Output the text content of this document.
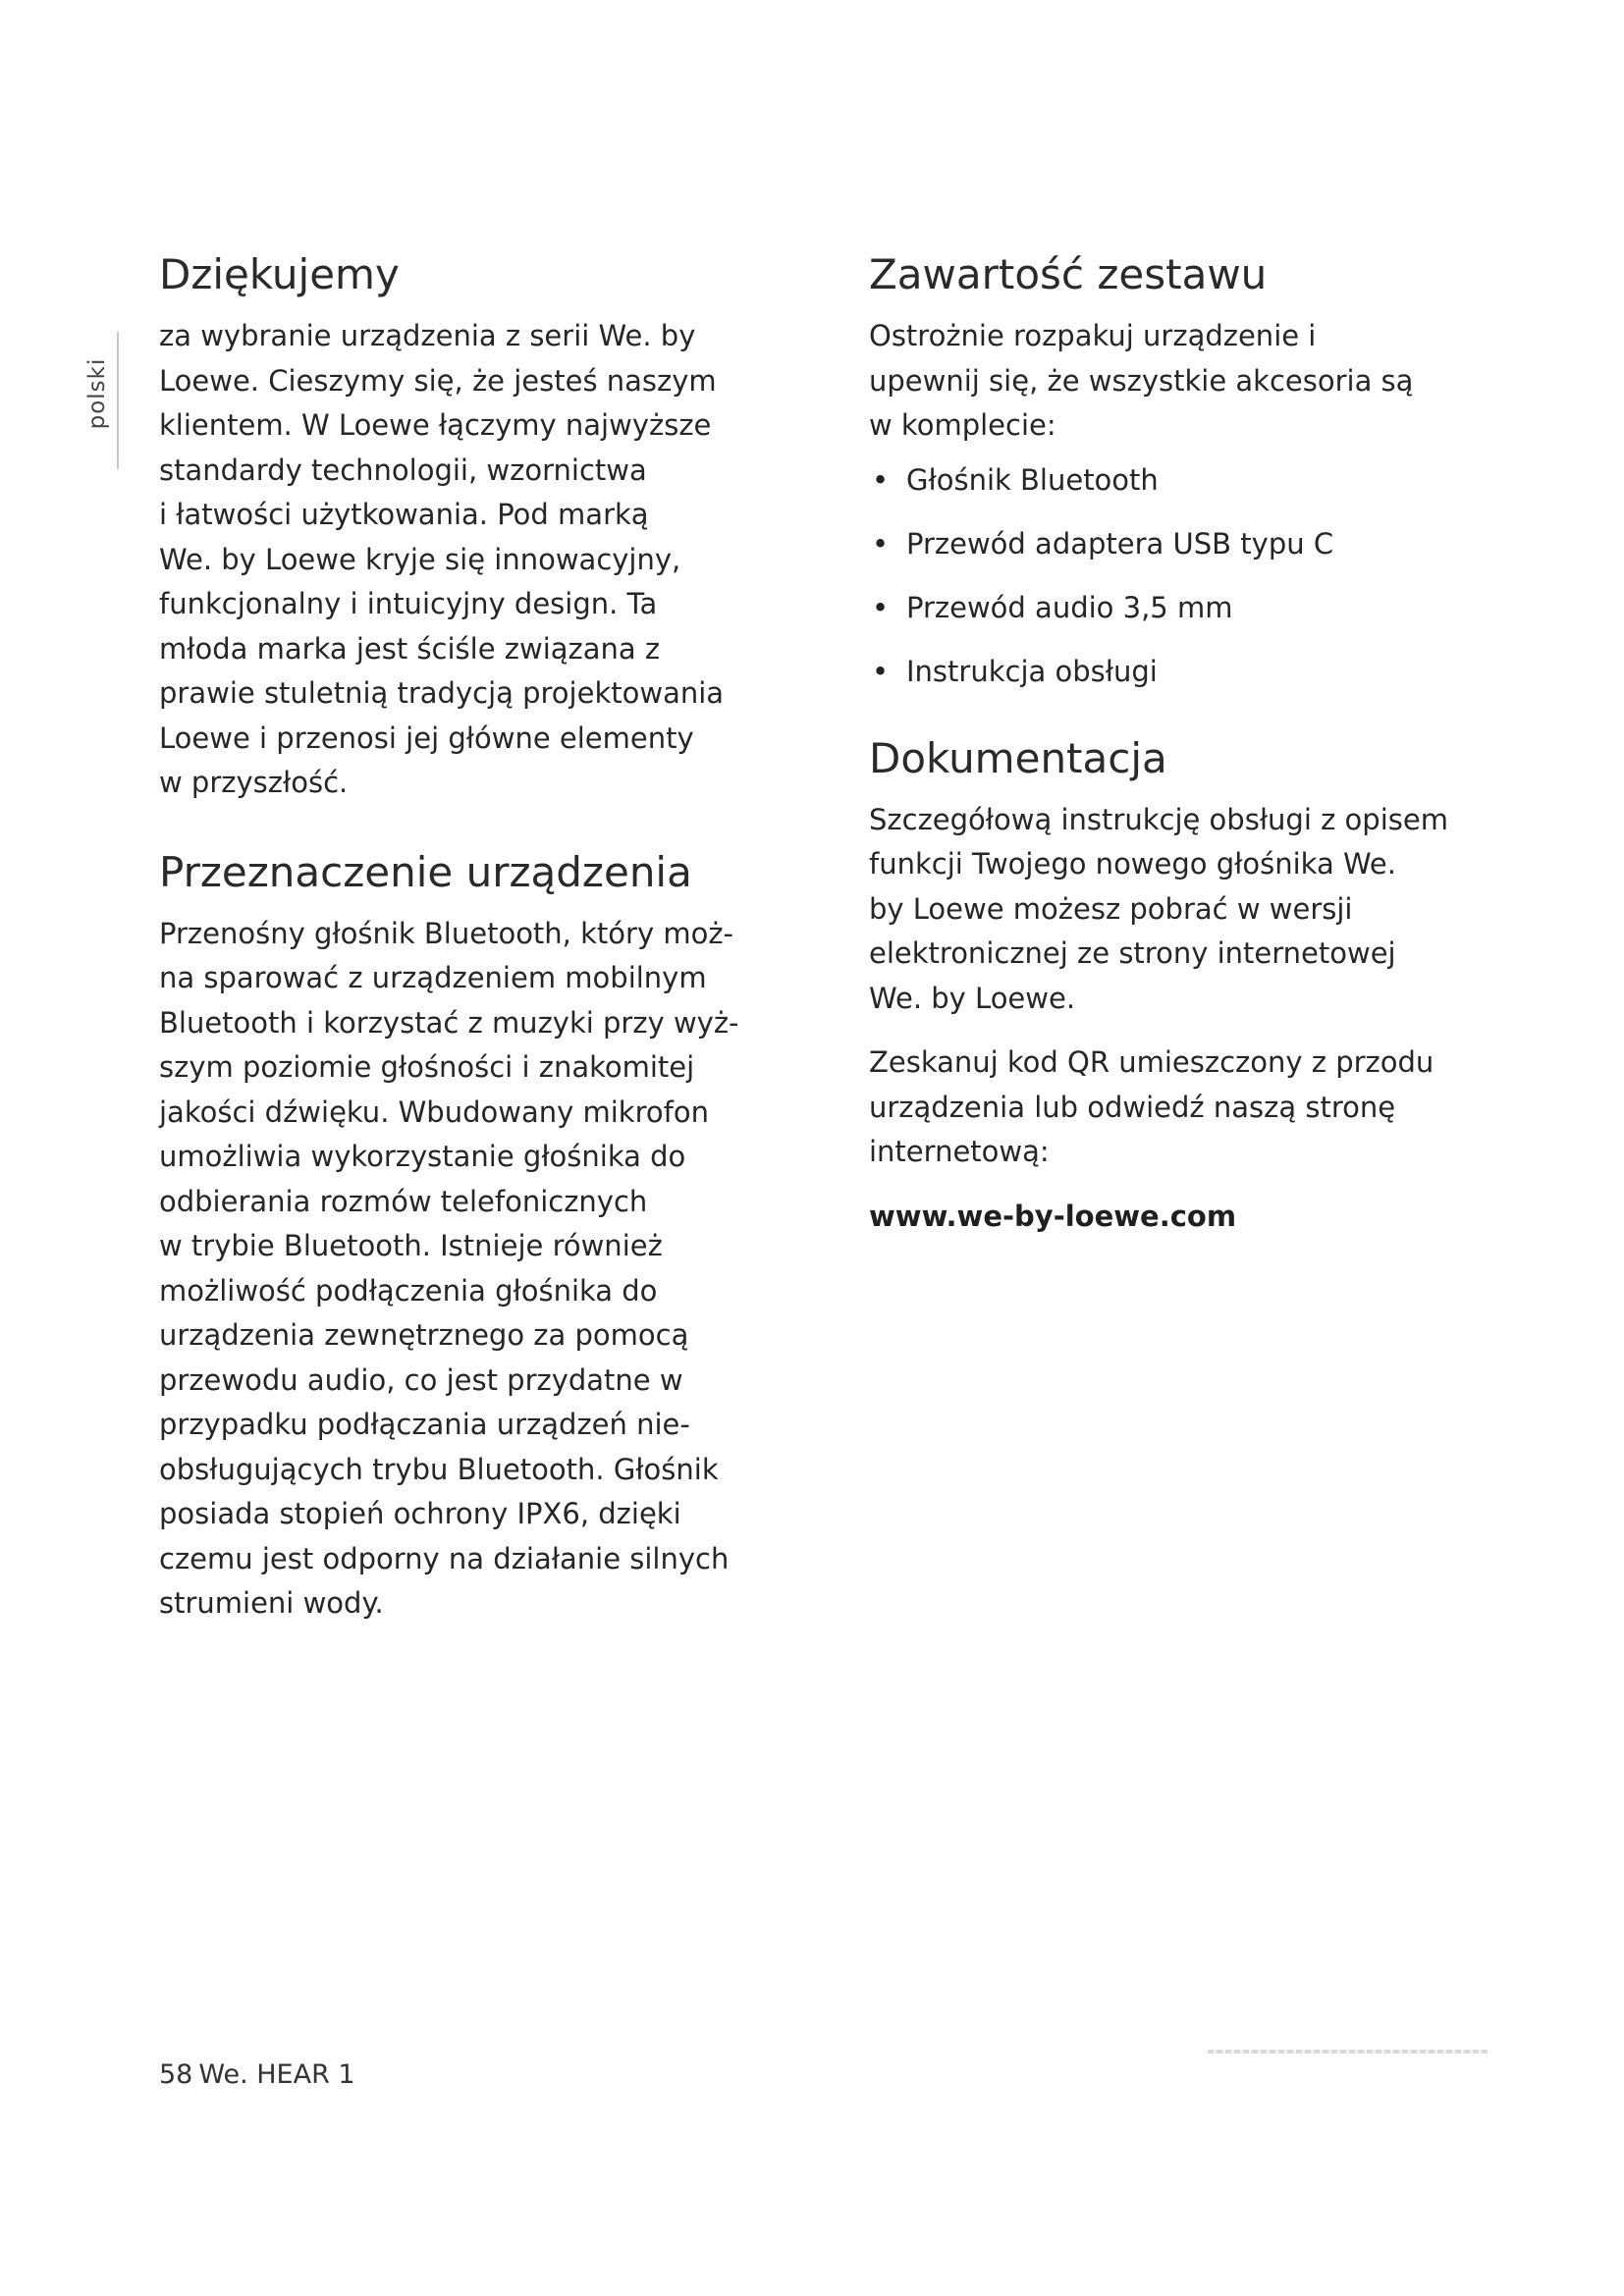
polski
Dziękujemy

za wybranie urządzenia z serii We. by
Loewe. Cieszymy się, że jesteś naszym
klientem. W Loewe łączymy najwyższe
standardy technologii, wzornictwa
i łatwości użytkowania. Pod marką
We. by Loewe kryje się innowacyjny,
funkcjonalny i intuicyjny design. Ta
młoda marka jest ściśle związana z
prawie stuletnią tradycją projektowania
Loewe i przenosi jej główne elementy
w przyszłość.

Przeznaczenie urządzenia

Przenośny głośnik Bluetooth, który moż-
na sparować z urządzeniem mobilnym
Bluetooth i korzystać z muzyki przy wyż-
szym poziomie głośności i znakomitej
jakości dźwięku. Wbudowany mikrofon
umożliwia wykorzystanie głośnika do
odbierania rozmów telefonicznych
w trybie Bluetooth. Istnieje również
możliwość podłączenia głośnika do
urządzenia zewnętrznego za pomocą
przewodu audio, co jest przydatne w
przypadku podłączania urządzeń nie-
obsługujących trybu Bluetooth. Głośnik
posiada stopień ochrony IPX6, dzięki
czemu jest odporny na działanie silnych
strumieni wody.

Zawartość zestawu

Ostrożnie rozpakuj urządzenie i
upewnij się, że wszystkie akcesoria są
w komplecie:

• Głośnik Bluetooth
• Przewód adaptera USB typu C
• Przewód audio 3,5 mm
• Instrukcja obsługi
Dokumentacja

Szczegółową instrukcję obsługi z opisem
funkcji Twojego nowego głośnika We.
by Loewe możesz pobrać w wersji
elektronicznej ze strony internetowej
We. by Loewe.

Zeskanuj kod QR umieszczony z przodu
urządzenia lub odwiedź naszą stronę
internetową:

www.we-by-loewe.com
58 We. HEAR 1
